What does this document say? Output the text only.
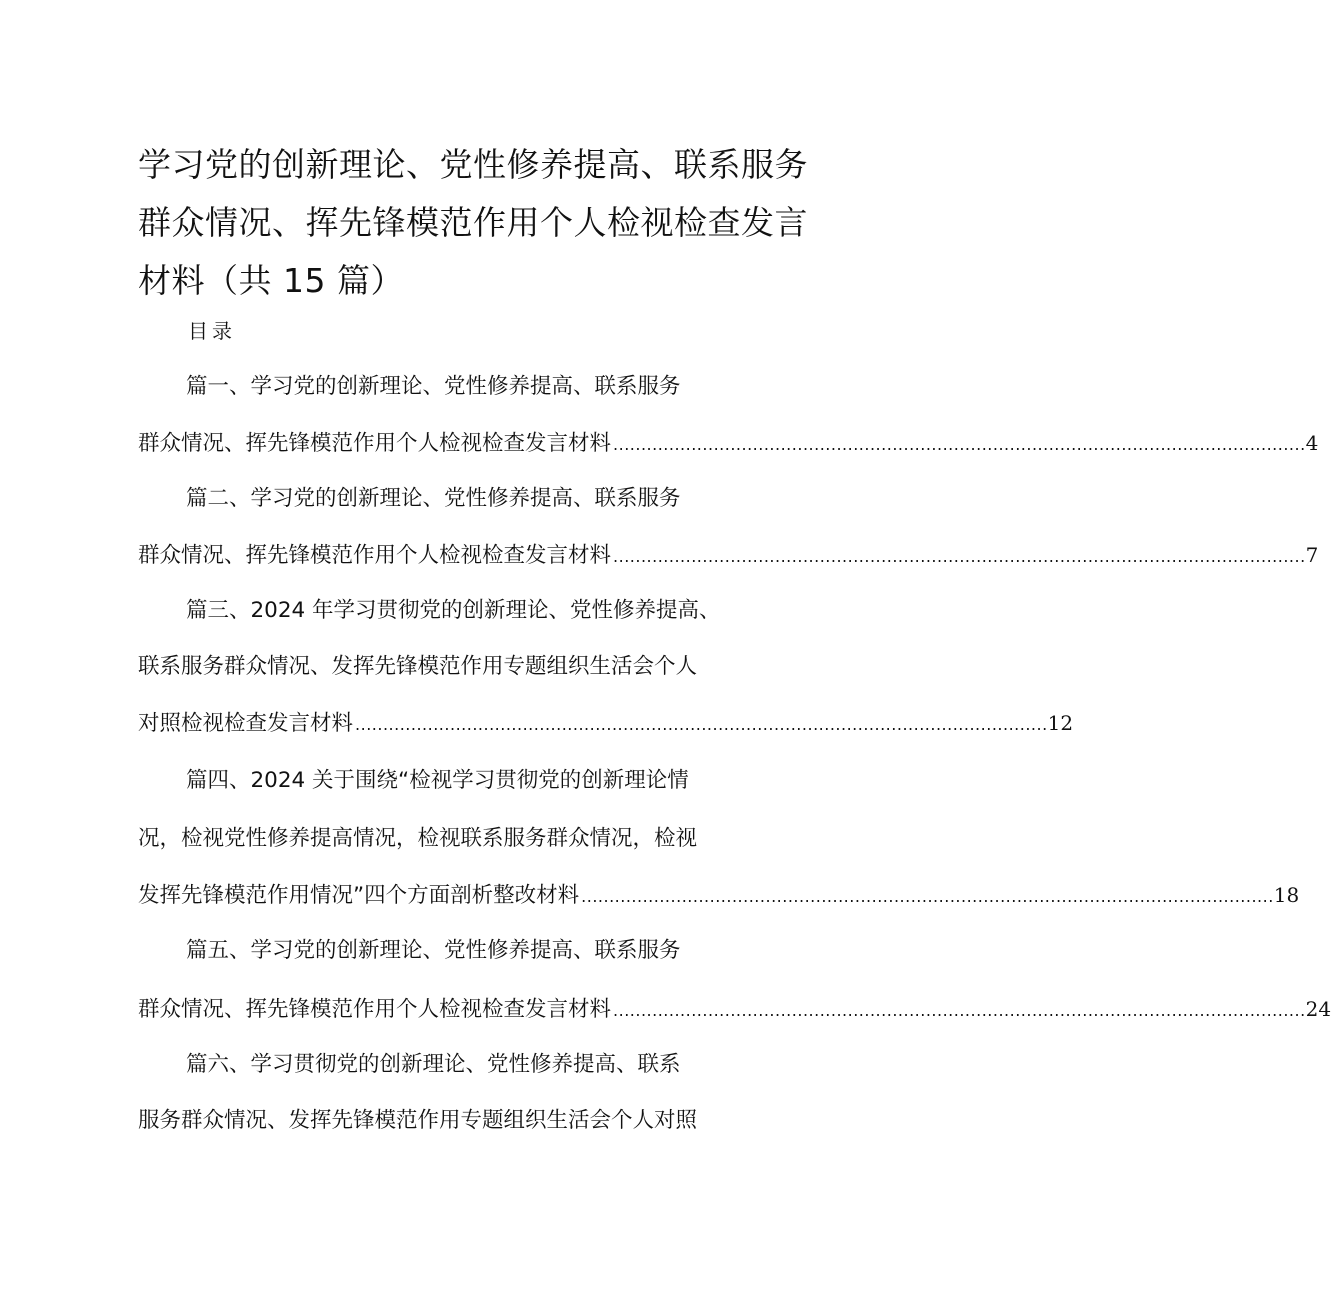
学习党的创新理论、党性修养提高、联系服务
群众情况、挥先锋模范作用个人检视检查发言
材料（共 15 篇）
目录
篇一、学习党的创新理论、党性修养提高、联系服务
群众情况、挥先锋模范作用个人检视检查发言材料 ............................................................................................................................ 4
篇二、学习党的创新理论、党性修养提高、联系服务
群众情况、挥先锋模范作用个人检视检查发言材料 ............................................................................................................................ 7
篇三、2024 年学习贯彻党的创新理论、党性修养提高、
联系服务群众情况、发挥先锋模范作用专题组织生活会个人
对照检视检查发言材料 ............................................................................................................................ 12
篇四、2024 关于围绕“检视学习贯彻党的创新理论情
况，检视党性修养提高情况，检视联系服务群众情况，检视
发挥先锋模范作用情况”四个方面剖析整改材料 ............................................................................................................................ 18
篇五、学习党的创新理论、党性修养提高、联系服务
群众情况、挥先锋模范作用个人检视检查发言材料 ............................................................................................................................ 24
篇六、学习贯彻党的创新理论、党性修养提高、联系
服务群众情况、发挥先锋模范作用专题组织生活会个人对照
